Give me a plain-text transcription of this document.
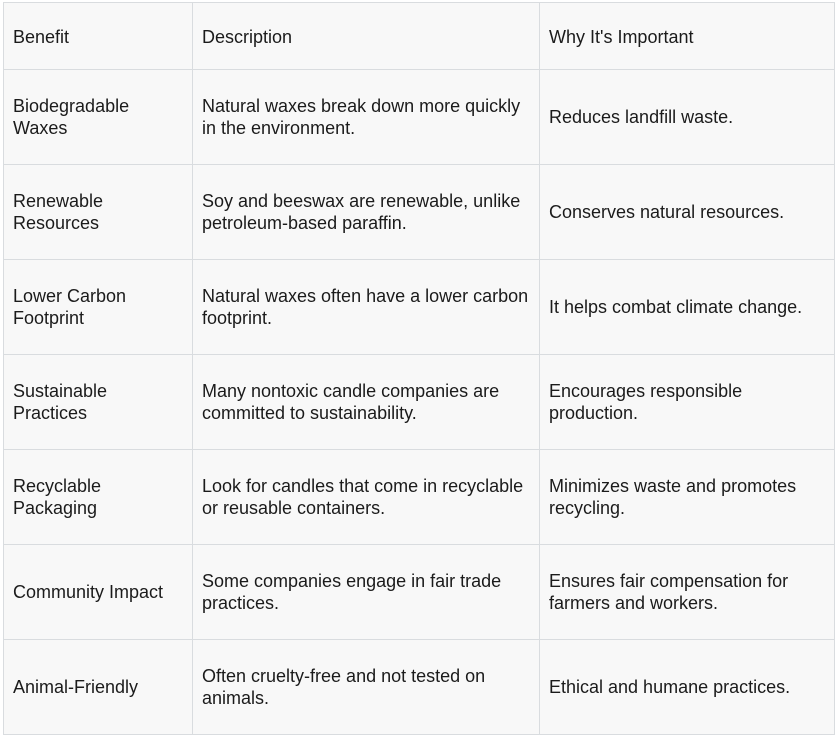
Benefit	Description	Why It's Important
Biodegradable Waxes	Natural waxes break down more quickly in the environment.	Reduces landfill waste.
Renewable Resources	Soy and beeswax are renewable, unlike petroleum-based paraffin.	Conserves natural resources.
Lower Carbon Footprint	Natural waxes often have a lower carbon footprint.	It helps combat climate change.
Sustainable Practices	Many nontoxic candle companies are committed to sustainability.	Encourages responsible production.
Recyclable Packaging	Look for candles that come in recyclable or reusable containers.	Minimizes waste and promotes recycling.
Community Impact	Some companies engage in fair trade practices.	Ensures fair compensation for farmers and workers.
Animal-Friendly	Often cruelty-free and not tested on animals.	Ethical and humane practices.
